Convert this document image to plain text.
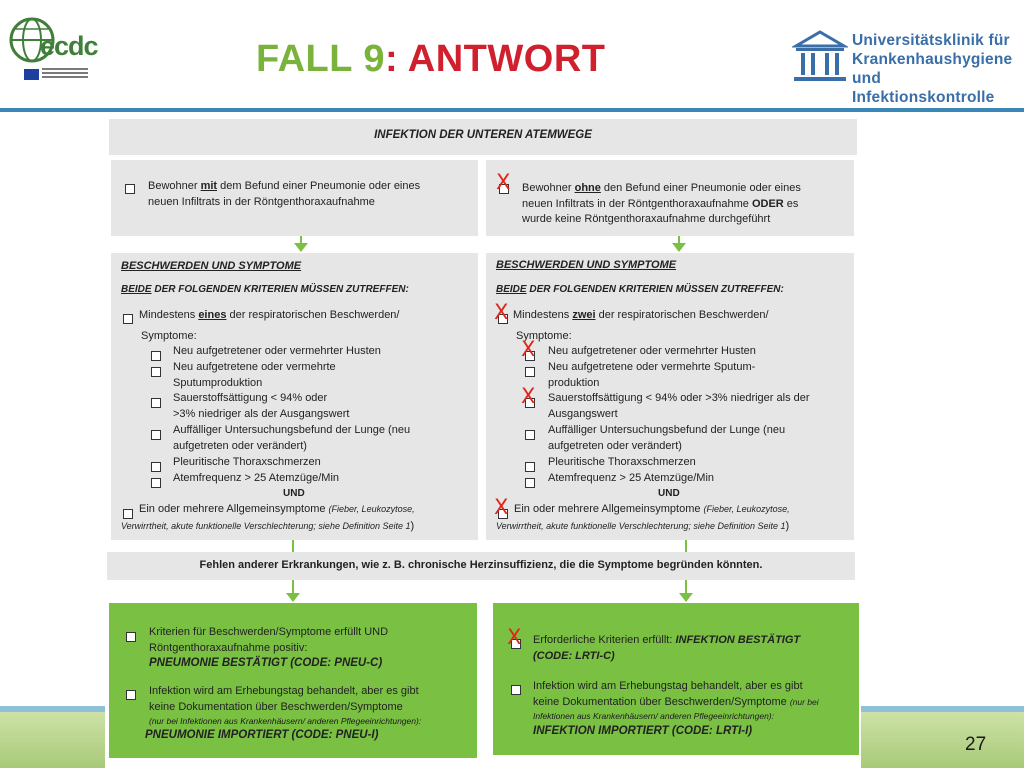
ecdc	FALL 9: ANTWORT	Universitätsklinik für
Krankenhaushygiene
und Infektionskontrolle
27
INFEKTION DER UNTEREN ATEMWEGE
Bewohner mit dem Befund einer Pneumonie oder eines
neuen Infiltrats in der Röntgenthoraxaufnahme
X Bewohner ohne den Befund einer Pneumonie oder eines
neuen Infiltrats in der Röntgenthoraxaufnahme ODER es
wurde keine Röntgenthoraxaufnahme durchgeführt
BESCHWERDEN UND SYMPTOME
BEIDE DER FOLGENDEN KRITERIEN MÜSSEN ZUTREFFEN:
Mindestens eines der respiratorischen Beschwerden/
Symptome:
Neu aufgetretener oder vermehrter Husten
Neu aufgetretene oder vermehrte
Sputumproduktion
Sauerstoffsättigung < 94% oder
>3% niedriger als der Ausgangswert
Auffälliger Untersuchungsbefund der Lunge (neu
aufgetreten oder verändert)
Pleuritische Thoraxschmerzen
Atemfrequenz > 25 Atemzüge/Min
UND
Ein oder mehrere Allgemeinsymptome (Fieber, Leukozytose,
Verwirrtheit, akute funktionelle Verschlechterung; siehe Definition Seite 1)
BESCHWERDEN UND SYMPTOME
BEIDE DER FOLGENDEN KRITERIEN MÜSSEN ZUTREFFEN:
X Mindestens zwei der respiratorischen Beschwerden/
Symptome:
X Neu aufgetretener oder vermehrter Husten
Neu aufgetretene oder vermehrte Sputum-
produktion
X Sauerstoffsättigung < 94% oder >3% niedriger als der
Ausgangswert
Auffälliger Untersuchungsbefund der Lunge (neu
aufgetreten oder verändert)
Pleuritische Thoraxschmerzen
Atemfrequenz > 25 Atemzüge/Min
UND
X Ein oder mehrere Allgemeinsymptome (Fieber, Leukozytose,
Verwirrtheit, akute funktionelle Verschlechterung; siehe Definition Seite 1)
Fehlen anderer Erkrankungen, wie z. B. chronische Herzinsuffizienz, die die Symptome begründen könnten.
Kriterien für Beschwerden/Symptome erfüllt UND
Röntgenthoraxaufnahme positiv:
PNEUMONIE BESTÄTIGT (CODE: PNEU-C)
Infektion wird am Erhebungstag behandelt, aber es gibt
keine Dokumentation über Beschwerden/Symptome
(nur bei Infektionen aus Krankenhäusern/ anderen Pflegeeinrichtungen):
PNEUMONIE IMPORTIERT (CODE: PNEU-I)
X Erforderliche Kriterien erfüllt: INFEKTION BESTÄTIGT
(CODE: LRTI-C)
Infektion wird am Erhebungstag behandelt, aber es gibt
keine Dokumentation über Beschwerden/Symptome (nur bei
Infektionen aus Krankenhäusern/ anderen Pflegeeinrichtungen):
INFEKTION IMPORTIERT (CODE: LRTI-I)
